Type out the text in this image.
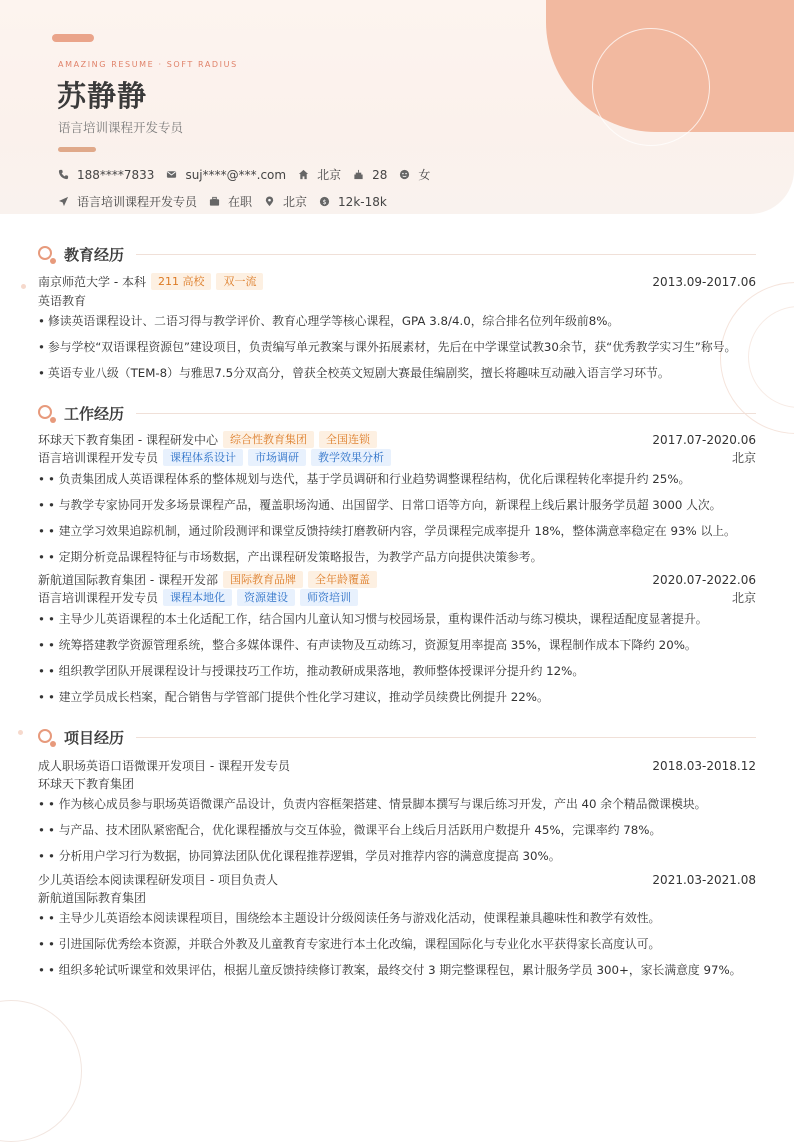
AMAZING RESUME · SOFT RADIUS
苏静静
语言培训课程开发专员
188****7833	suj****@***.com	北京	28	女
语言培训课程开发专员	在职	北京 $ 12k-18k
教育经历
南京师范大学 - 本科	211 高校	双一流	2013.09-2017.06
英语教育
• 修读英语课程设计、二语习得与教学评价、教育心理学等核心课程，GPA 3.8/4.0，综合排名位列年级前8%。
• 参与学校“双语课程资源包”建设项目，负责编写单元教案与课外拓展素材，先后在中学课堂试教30余节，获“优秀教学实习生”称号。
• 英语专业八级（TEM-8）与雅思7.5分双高分，曾获全校英文短剧大赛最佳编剧奖，擅长将趣味互动融入语言学习环节。
工作经历
环球天下教育集团 - 课程研发中心	综合性教育集团	全国连锁	2017.07-2020.06
语言培训课程开发专员	课程体系设计	市场调研	教学效果分析	北京
• • 负责集团成人英语课程体系的整体规划与迭代，基于学员调研和行业趋势调整课程结构，优化后课程转化率提升约 25%。
• • 与教学专家协同开发多场景课程产品，覆盖职场沟通、出国留学、日常口语等方向，新课程上线后累计服务学员超 3000 人次。
• • 建立学习效果追踪机制，通过阶段测评和课堂反馈持续打磨教研内容，学员课程完成率提升 18%，整体满意率稳定在 93% 以上。
• • 定期分析竞品课程特征与市场数据，产出课程研发策略报告，为教学产品方向提供决策参考。
新航道国际教育集团 - 课程开发部	国际教育品牌	全年龄覆盖	2020.07-2022.06
语言培训课程开发专员	课程本地化	资源建设	师资培训	北京
• • 主导少儿英语课程的本土化适配工作，结合国内儿童认知习惯与校园场景，重构课件活动与练习模块，课程适配度显著提升。
• • 统筹搭建教学资源管理系统，整合多媒体课件、有声读物及互动练习，资源复用率提高 35%，课程制作成本下降约 20%。
• • 组织教学团队开展课程设计与授课技巧工作坊，推动教研成果落地，教师整体授课评分提升约 12%。
• • 建立学员成长档案，配合销售与学管部门提供个性化学习建议，推动学员续费比例提升 22%。
项目经历
成人职场英语口语微课开发项目 - 课程开发专员	2018.03-2018.12
环球天下教育集团
• • 作为核心成员参与职场英语微课产品设计，负责内容框架搭建、情景脚本撰写与课后练习开发，产出 40 余个精品微课模块。
• • 与产品、技术团队紧密配合，优化课程播放与交互体验，微课平台上线后月活跃用户数提升 45%，完课率约 78%。
• • 分析用户学习行为数据，协同算法团队优化课程推荐逻辑，学员对推荐内容的满意度提高 30%。
少儿英语绘本阅读课程研发项目 - 项目负责人	2021.03-2021.08
新航道国际教育集团
• • 主导少儿英语绘本阅读课程项目，围绕绘本主题设计分级阅读任务与游戏化活动，使课程兼具趣味性和教学有效性。
• • 引进国际优秀绘本资源，并联合外教及儿童教育专家进行本土化改编，课程国际化与专业化水平获得家长高度认可。
• • 组织多轮试听课堂和效果评估，根据儿童反馈持续修订教案，最终交付 3 期完整课程包，累计服务学员 300+，家长满意度 97%。
